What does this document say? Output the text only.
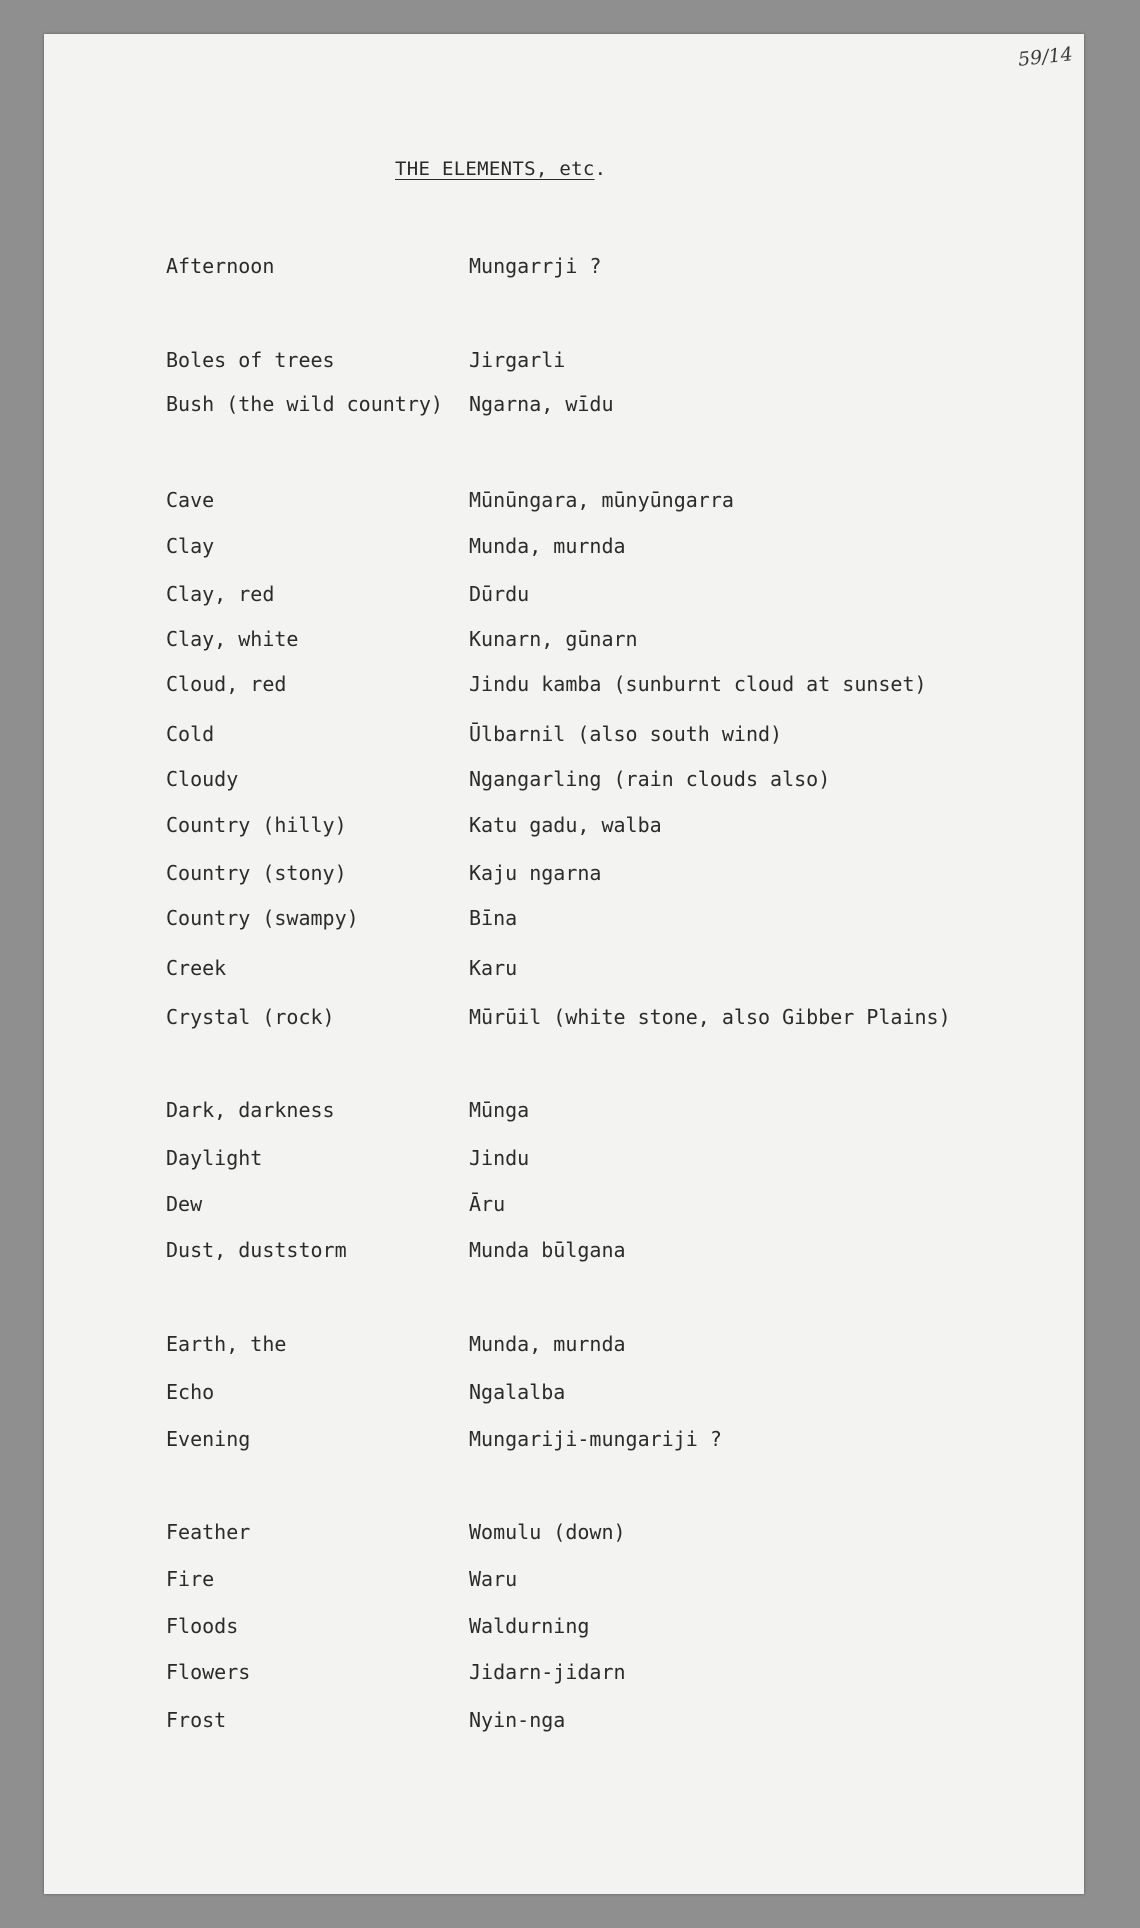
59/14
THE ELEMENTS, etc.
Afternoon	Mungarrji ?
Boles of trees	Jirgarli
Bush (the wild country) Ngarna, wīdu
Cave	Mūnūngara, mūnyūngarra
Clay	Munda, murnda
Clay, red	Dūrdu
Clay, white	Kunarn, gūnarn
Cloud, red	Jindu kamba (sunburnt cloud at sunset)
Cold	Ūlbarnil (also south wind)
Cloudy	Ngangarling (rain clouds also)
Country (hilly)	Katu gadu, walba
Country (stony)	Kaju ngarna
Country (swampy)	Bīna
Creek	Karu
Crystal (rock)	Mūrūil (white stone, also Gibber Plains)
Dark, darkness	Mūnga
Daylight	Jindu
Dew	Āru
Dust, duststorm	Munda būlgana
Earth, the	Munda, murnda
Echo	Ngalalba
Evening	Mungariji-mungariji ?
Feather	Womulu (down)
Fire	Waru
Floods	Waldurning
Flowers	Jidarn-jidarn
Frost	Nyin-nga
